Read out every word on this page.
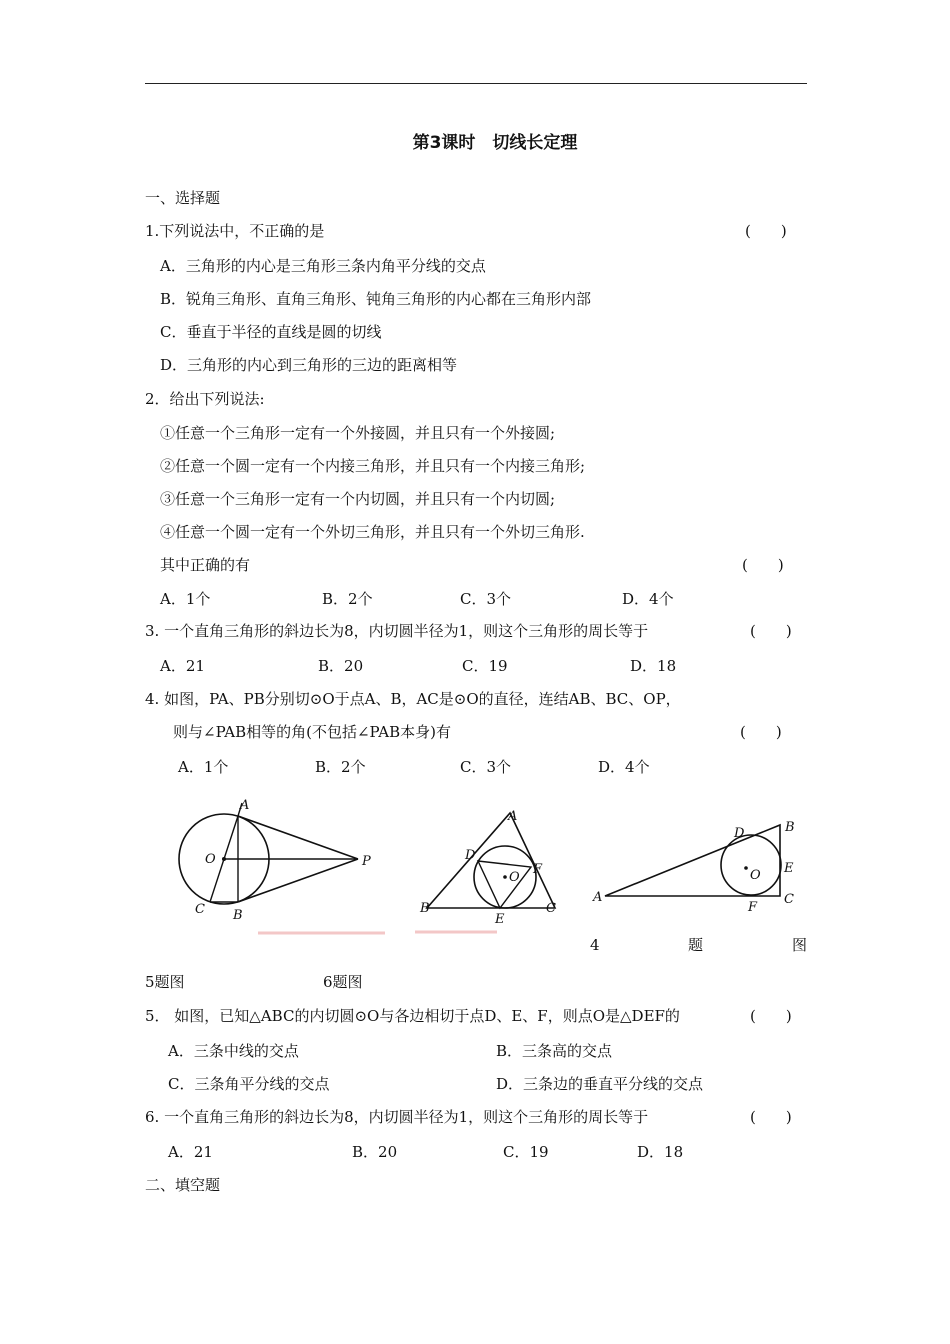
第3课时　切线长定理
一、选择题
1.下列说法中，不正确的是	(　　)
A．三角形的内心是三角形三条内角平分线的交点
B．锐角三角形、直角三角形、钝角三角形的内心都在三角形内部
C．垂直于半径的直线是圆的切线
D．三角形的内心到三角形的三边的距离相等
2．给出下列说法:
①任意一个三角形一定有一个外接圆，并且只有一个外接圆;
②任意一个圆一定有一个内接三角形，并且只有一个内接三角形;
③任意一个三角形一定有一个内切圆，并且只有一个内切圆;
④任意一个圆一定有一个外切三角形，并且只有一个外切三角形.
其中正确的有	(　　)
A．1个	B．2个	C．3个	D．4个
3. 一个直角三角形的斜边长为8，内切圆半径为1，则这个三角形的周长等于	(　　)
A．21	B．20	C．19	D．18
4. 如图，PA、PB分别切⊙O于点A、B，AC是⊙O的直径，连结AB、BC、OP，
则与∠PAB相等的角(不包括∠PAB本身)有	(　　)
A．1个	B．2个	C．3个	D．4个
A
O	P
C B
A
D
F
O
B
E
C
B
D
E
O
A	C
F
4	题	图
5题图	6题图
5． 如图，已知△ABC的内切圆⊙O与各边相切于点D、E、F，则点O是△DEF的	(　　)
A．三条中线的交点	B．三条高的交点
C．三条角平分线的交点	D．三条边的垂直平分线的交点
6. 一个直角三角形的斜边长为8，内切圆半径为1，则这个三角形的周长等于	(　　)
A．21	B．20	C．19	D．18
二、填空题
